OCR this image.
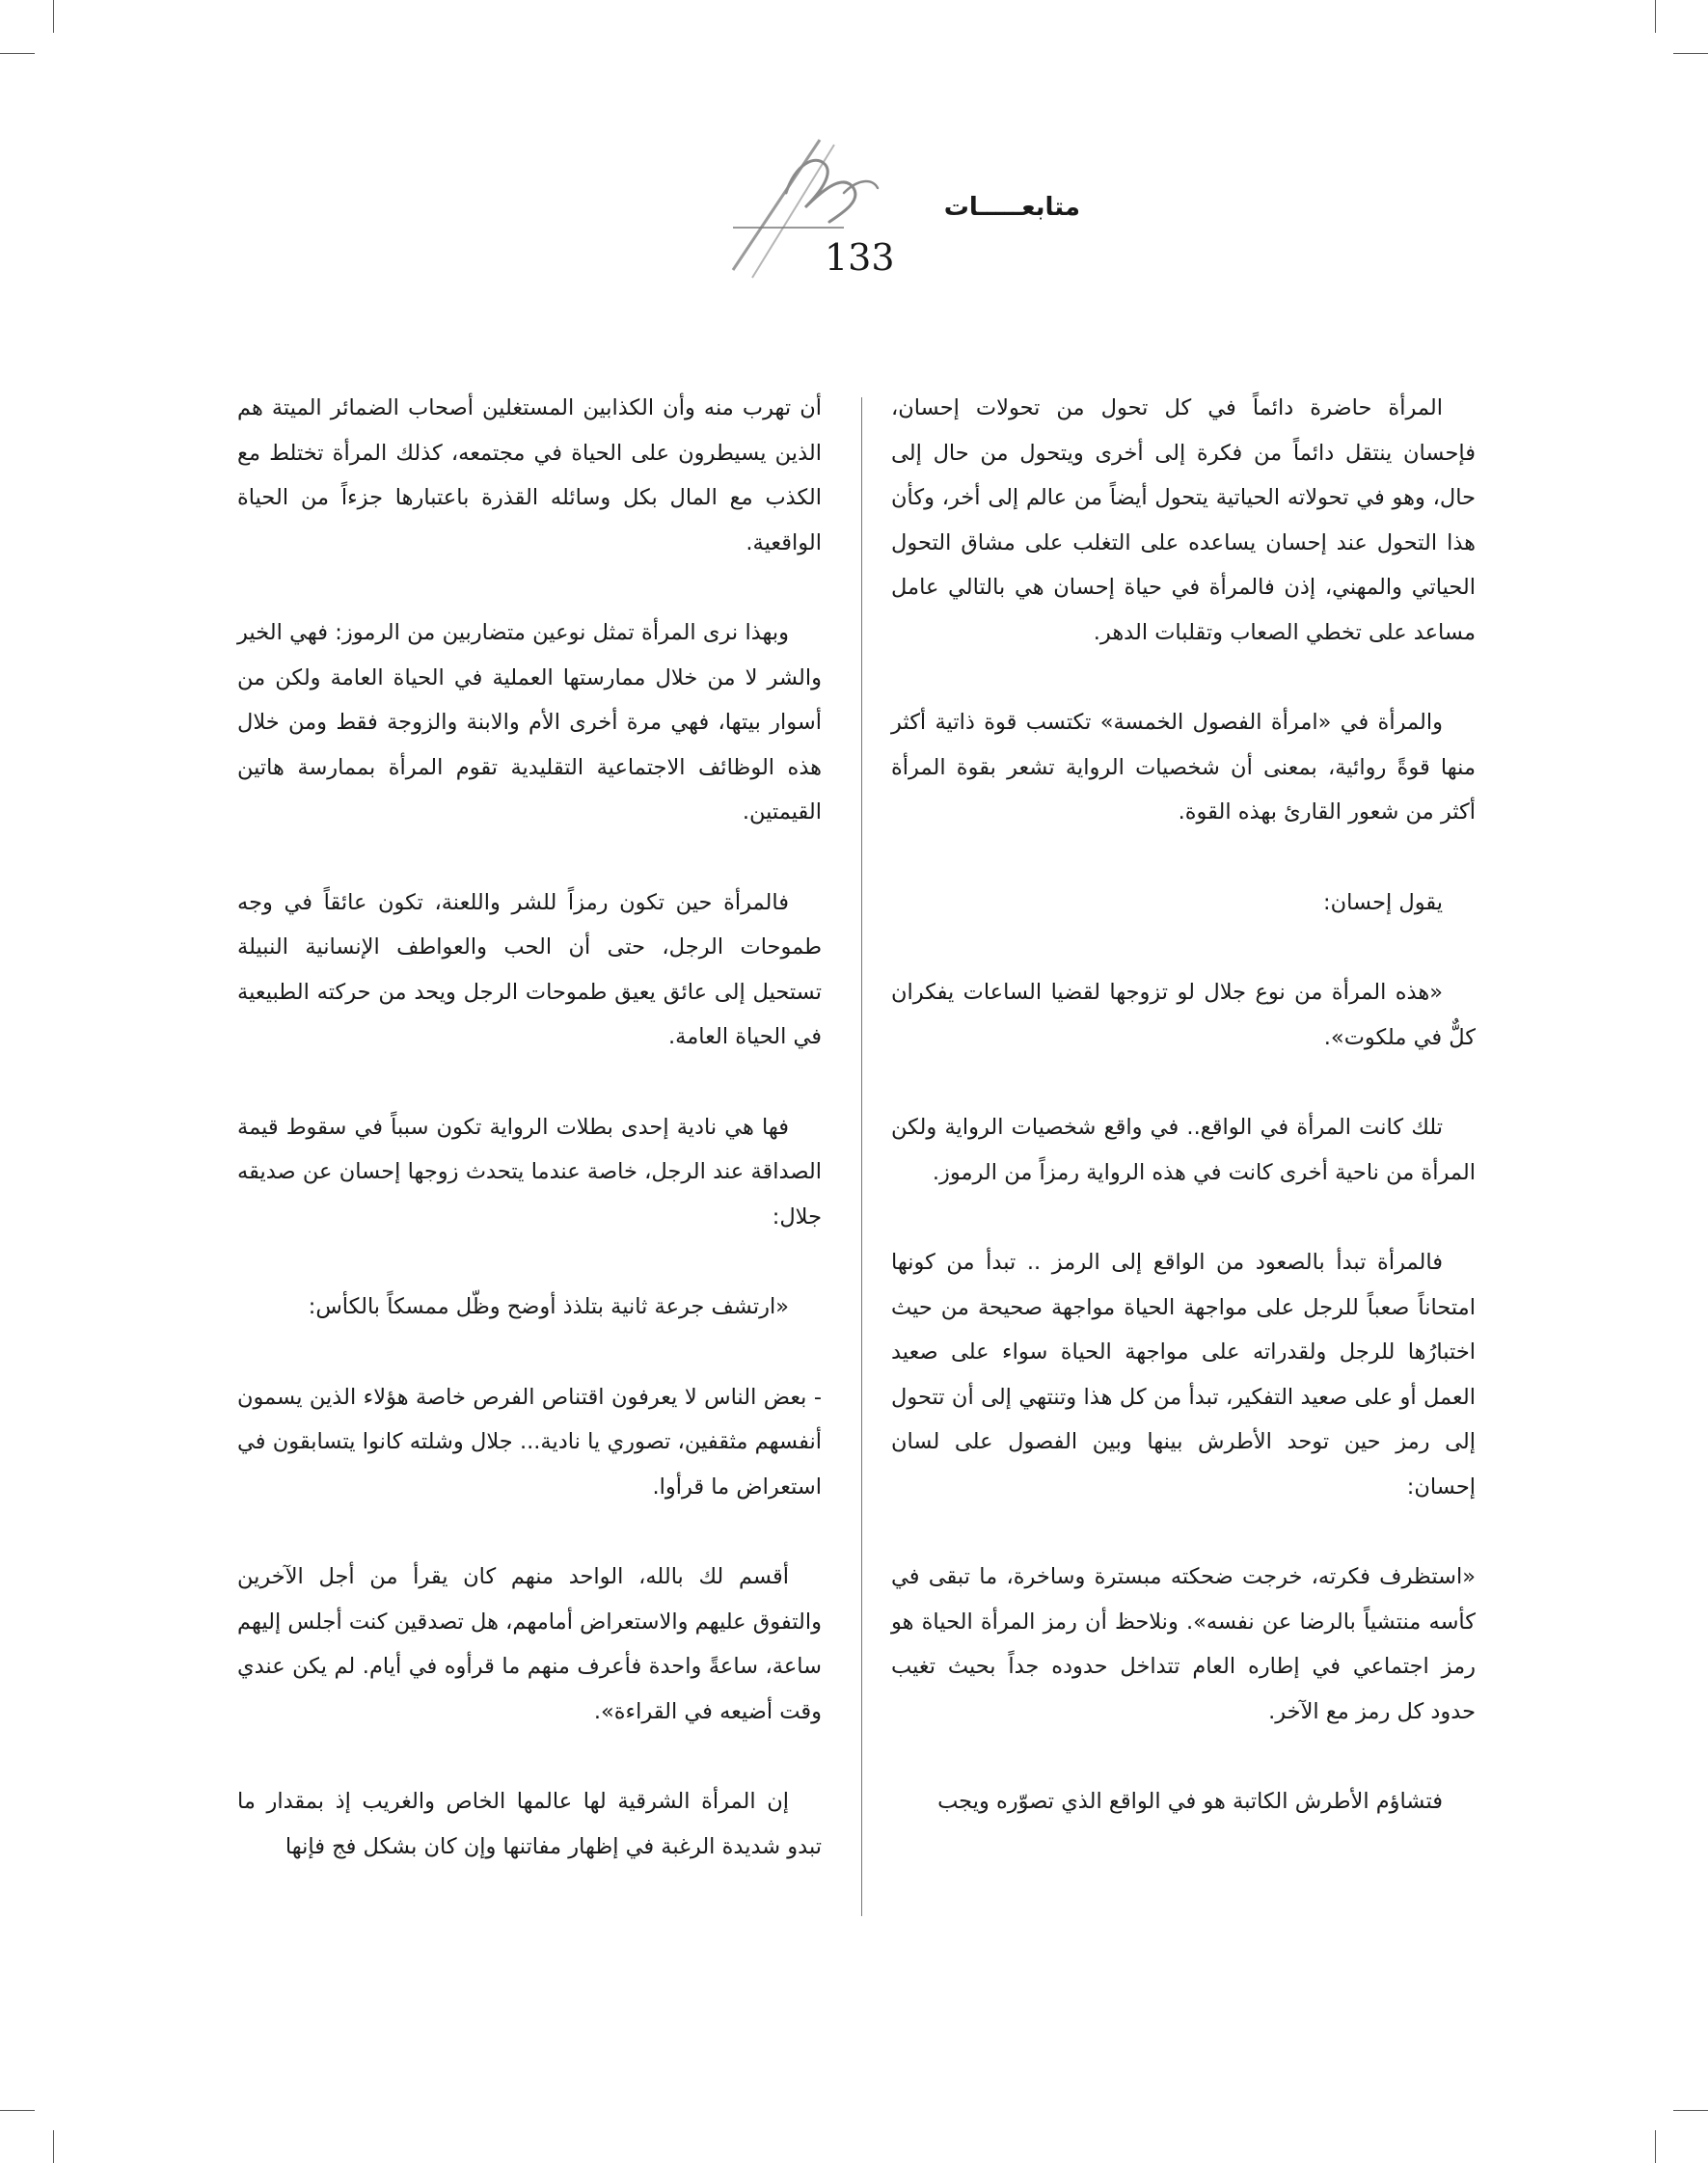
متابعـــــات
133

المرأة حاضرة دائماً في كل تحول من تحولات إحسان، فإحسان ينتقل دائماً من فكرة إلى أخرى ويتحول من حال إلى حال، وهو في تحولاته الحياتية يتحول أيضاً من عالم إلى أخر، وكأن هذا التحول عند إحسان يساعده على التغلب على مشاق التحول الحياتي والمهني، إذن فالمرأة في حياة إحسان هي بالتالي عامل مساعد على تخطي الصعاب وتقلبات الدهر.

والمرأة في «امرأة الفصول الخمسة» تكتسب قوة ذاتية أكثر منها قوةً روائية، بمعنى أن شخصيات الرواية تشعر بقوة المرأة أكثر من شعور القارئ بهذه القوة.

يقول إحسان:

«هذه المرأة من نوع جلال لو تزوجها لقضيا الساعات يفكران كلٌّ في ملكوت».

تلك كانت المرأة في الواقع.. في واقع شخصيات الرواية ولكن المرأة من ناحية أخرى كانت في هذه الرواية رمزاً من الرموز.

فالمرأة تبدأ بالصعود من الواقع إلى الرمز .. تبدأ من كونها امتحاناً صعباً للرجل على مواجهة الحياة مواجهة صحيحة من حيث اختبارُها للرجل ولقدراته على مواجهة الحياة سواء على صعيد العمل أو على صعيد التفكير، تبدأ من كل هذا وتنتهي إلى أن تتحول إلى رمز حين توحد الأطرش بينها وبين الفصول على لسان إحسان:

«استظرف فكرته، خرجت ضحكته مبسترة وساخرة، ما تبقى في كأسه منتشياً بالرضا عن نفسه». ونلاحظ أن رمز المرأة الحياة هو رمز اجتماعي في إطاره العام تتداخل حدوده جداً بحيث تغيب حدود كل رمز مع الآخر.

فتشاؤم الأطرش الكاتبة هو في الواقع الذي تصوّره ويجب

أن تهرب منه وأن الكذابين المستغلين أصحاب الضمائر الميتة هم الذين يسيطرون على الحياة في مجتمعه، كذلك المرأة تختلط مع الكذب مع المال بكل وسائله القذرة باعتبارها جزءاً من الحياة الواقعية.

وبهذا نرى المرأة تمثل نوعين متضاربين من الرموز: فهي الخير والشر لا من خلال ممارستها العملية في الحياة العامة ولكن من أسوار بيتها، فهي مرة أخرى الأم والابنة والزوجة فقط ومن خلال هذه الوظائف الاجتماعية التقليدية تقوم المرأة بممارسة هاتين القيمتين.

فالمرأة حين تكون رمزاً للشر واللعنة، تكون عائقاً في وجه طموحات الرجل، حتى أن الحب والعواطف الإنسانية النبيلة تستحيل إلى عائق يعيق طموحات الرجل ويحد من حركته الطبيعية في الحياة العامة.

فها هي نادية إحدى بطلات الرواية تكون سبباً في سقوط قيمة الصداقة عند الرجل، خاصة عندما يتحدث زوجها إحسان عن صديقه جلال:

«ارتشف جرعة ثانية بتلذذ أوضح وظّل ممسكاً بالكأس:

- بعض الناس لا يعرفون اقتناص الفرص خاصة هؤلاء الذين يسمون أنفسهم مثقفين، تصوري يا نادية... جلال وشلته كانوا يتسابقون في استعراض ما قرأوا.

أقسم لك بالله، الواحد منهم كان يقرأ من أجل الآخرين والتفوق عليهم والاستعراض أمامهم، هل تصدقين كنت أجلس إليهم ساعة، ساعةً واحدة فأعرف منهم ما قرأوه في أيام. لم يكن عندي وقت أضيعه في القراءة».

إن المرأة الشرقية لها عالمها الخاص والغريب إذ بمقدار ما تبدو شديدة الرغبة في إظهار مفاتنها وإن كان بشكل فج فإنها
